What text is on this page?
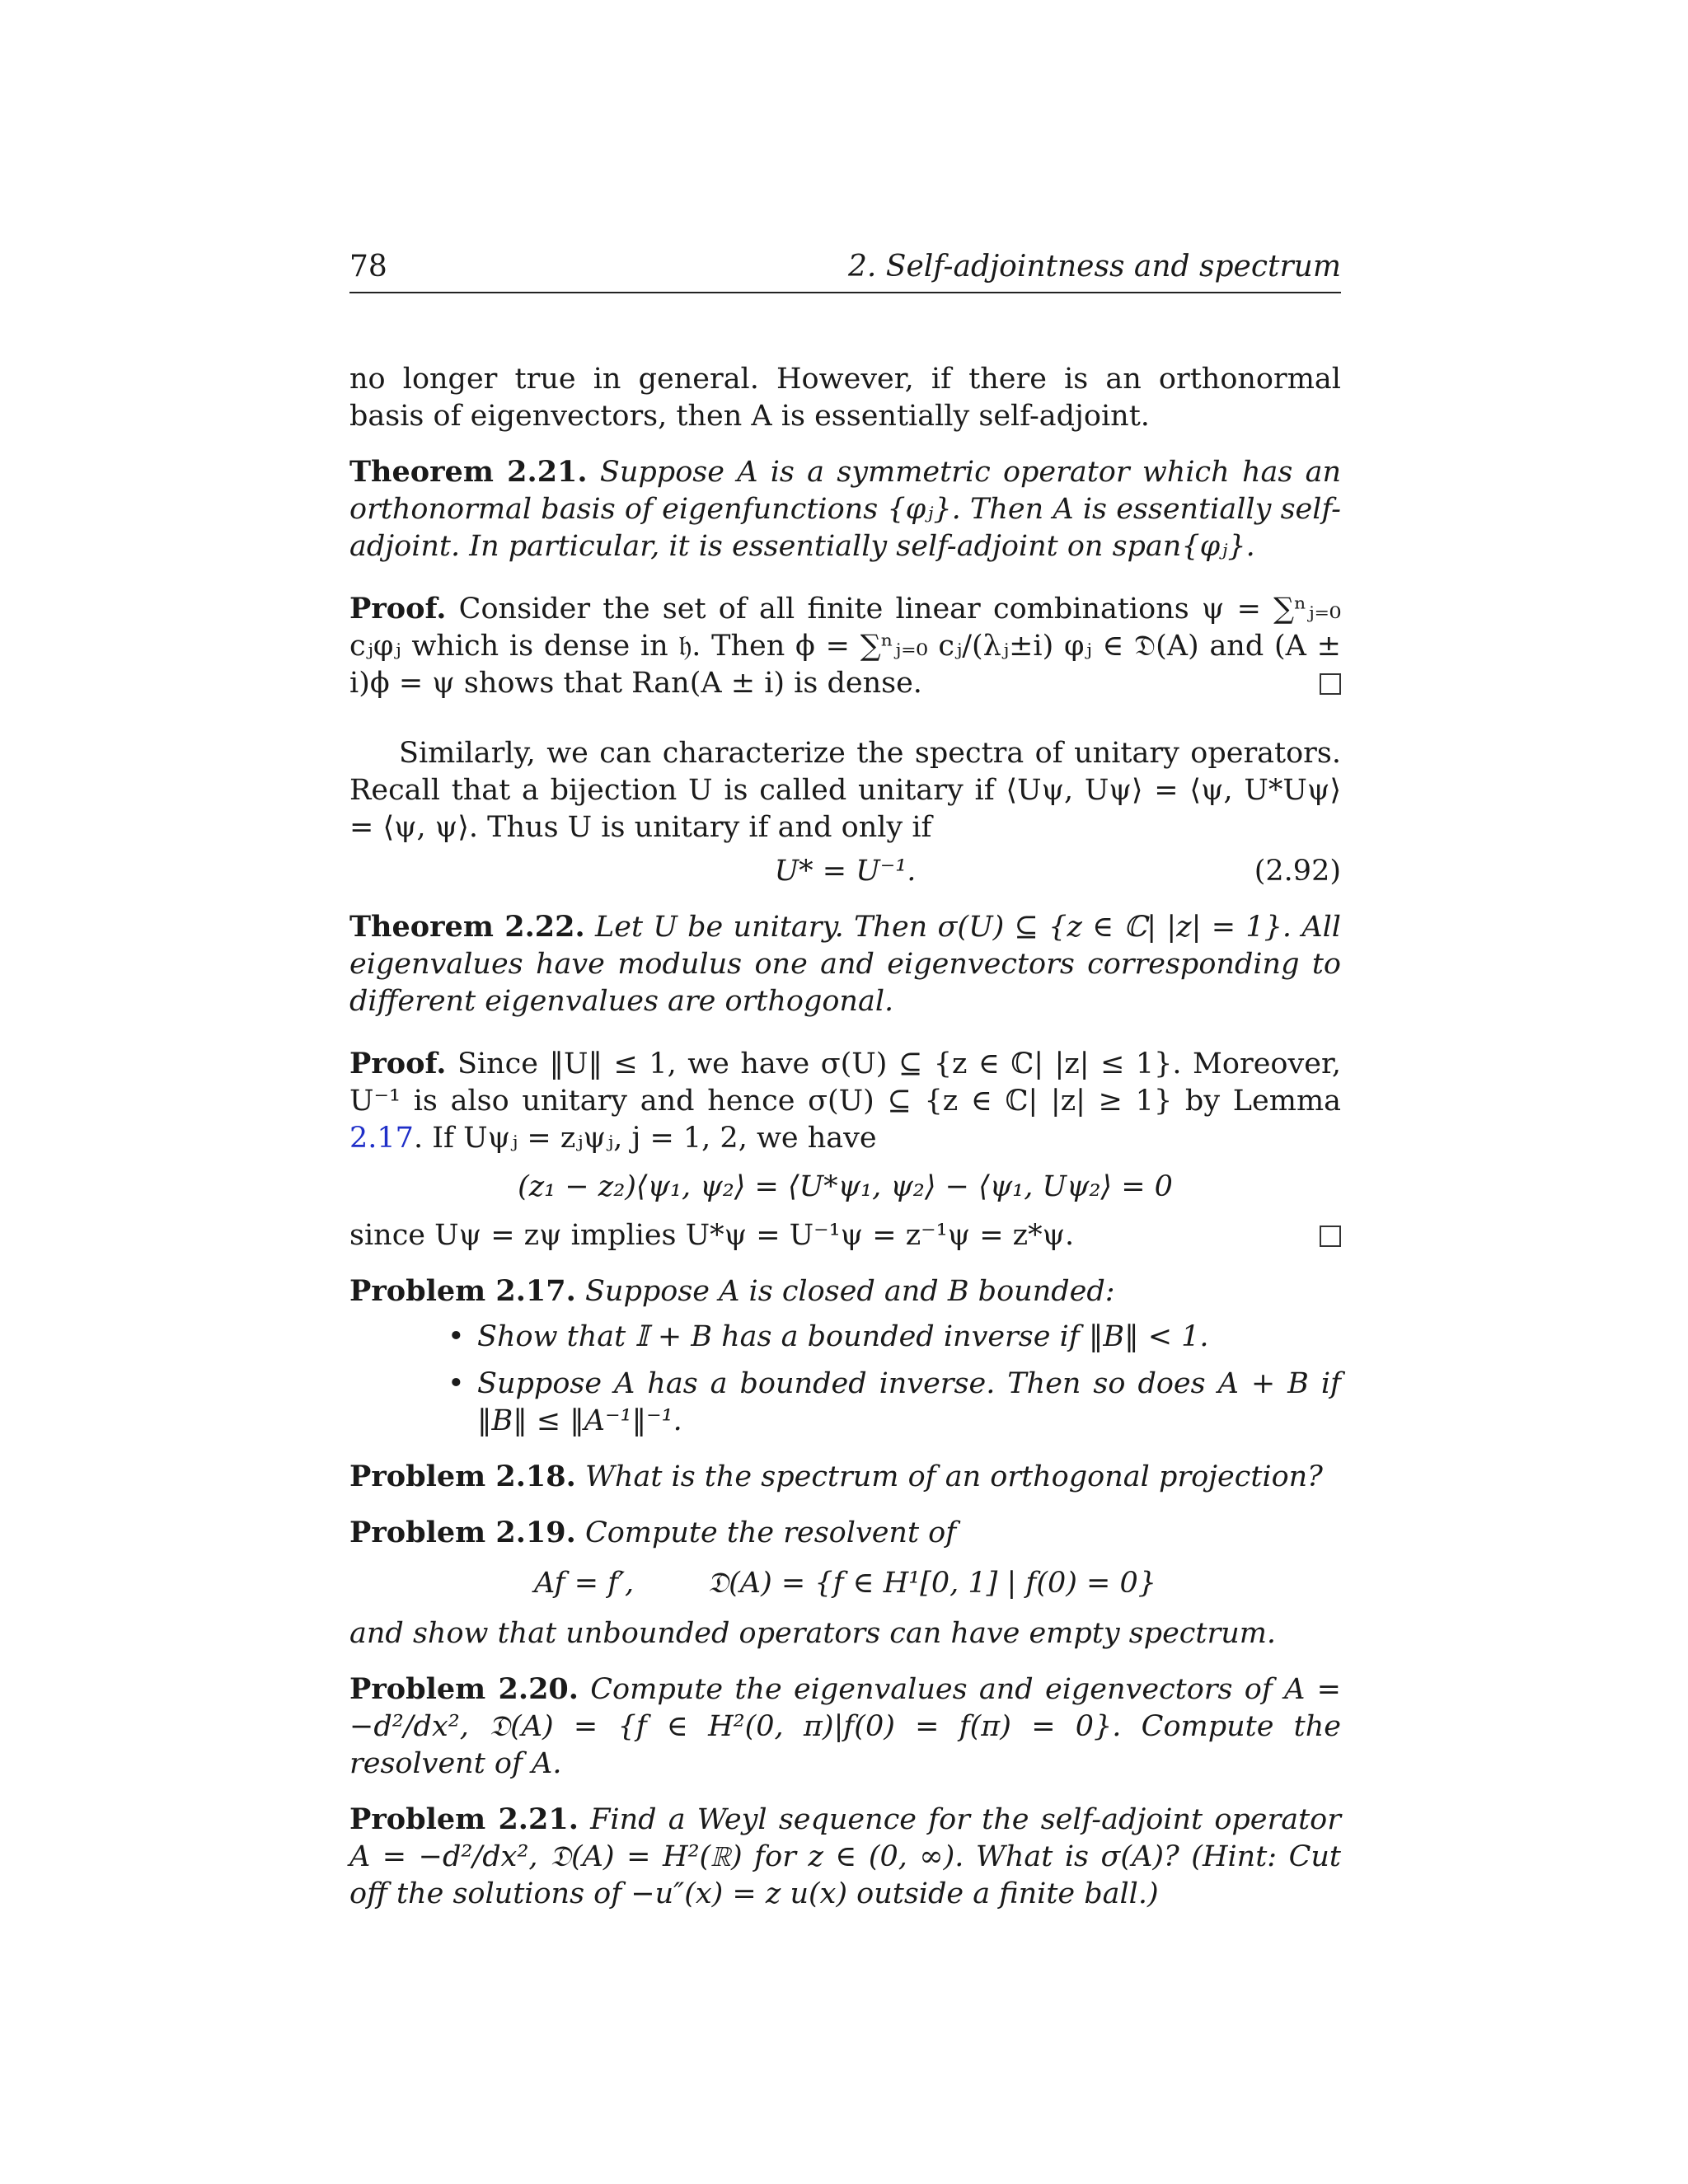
78	2. Self-adjointness and spectrum

no longer true in general. However, if there is an orthonormal basis of eigenvectors, then A is essentially self-adjoint.

Theorem 2.21. Suppose A is a symmetric operator which has an orthonormal basis of eigenfunctions {φⱼ}. Then A is essentially self-adjoint. In particular, it is essentially self-adjoint on span{φⱼ}.

Proof. Consider the set of all finite linear combinations ψ = ∑ⁿⱼ₌₀ cⱼφⱼ which is dense in 𝔥. Then ϕ = ∑ⁿⱼ₌₀ cⱼ/(λⱼ±i) φⱼ ∈ 𝔇(A) and (A ± i)ϕ = ψ shows that Ran(A ± i) is dense.

Similarly, we can characterize the spectra of unitary operators. Recall that a bijection U is called unitary if ⟨Uψ, Uψ⟩ = ⟨ψ, U*Uψ⟩ = ⟨ψ, ψ⟩. Thus U is unitary if and only if

U* = U⁻¹.	(2.92)

Theorem 2.22. Let U be unitary. Then σ(U) ⊆ {z ∈ ℂ| |z| = 1}. All eigenvalues have modulus one and eigenvectors corresponding to different eigenvalues are orthogonal.

Proof. Since ‖U‖ ≤ 1, we have σ(U) ⊆ {z ∈ ℂ| |z| ≤ 1}. Moreover, U⁻¹ is also unitary and hence σ(U) ⊆ {z ∈ ℂ| |z| ≥ 1} by Lemma 2.17. If Uψⱼ = zⱼψⱼ, j = 1, 2, we have

(z₁ − z₂)⟨ψ₁, ψ₂⟩ = ⟨U*ψ₁, ψ₂⟩ − ⟨ψ₁, Uψ₂⟩ = 0

since Uψ = zψ implies U*ψ = U⁻¹ψ = z⁻¹ψ = z*ψ.

Problem 2.17. Suppose A is closed and B bounded:

• Show that 𝕀 + B has a bounded inverse if ‖B‖ < 1.
• Suppose A has a bounded inverse. Then so does A + B if ‖B‖ ≤ ‖A⁻¹‖⁻¹.

Problem 2.18. What is the spectrum of an orthogonal projection?

Problem 2.19. Compute the resolvent of

Af = f′,        𝔇(A) = {f ∈ H¹[0, 1] | f(0) = 0}

and show that unbounded operators can have empty spectrum.

Problem 2.20. Compute the eigenvalues and eigenvectors of A = −d²/dx², 𝔇(A) = {f ∈ H²(0, π)|f(0) = f(π) = 0}. Compute the resolvent of A.

Problem 2.21. Find a Weyl sequence for the self-adjoint operator A = −d²/dx², 𝔇(A) = H²(ℝ) for z ∈ (0, ∞). What is σ(A)? (Hint: Cut off the solutions of −u″(x) = z u(x) outside a finite ball.)
